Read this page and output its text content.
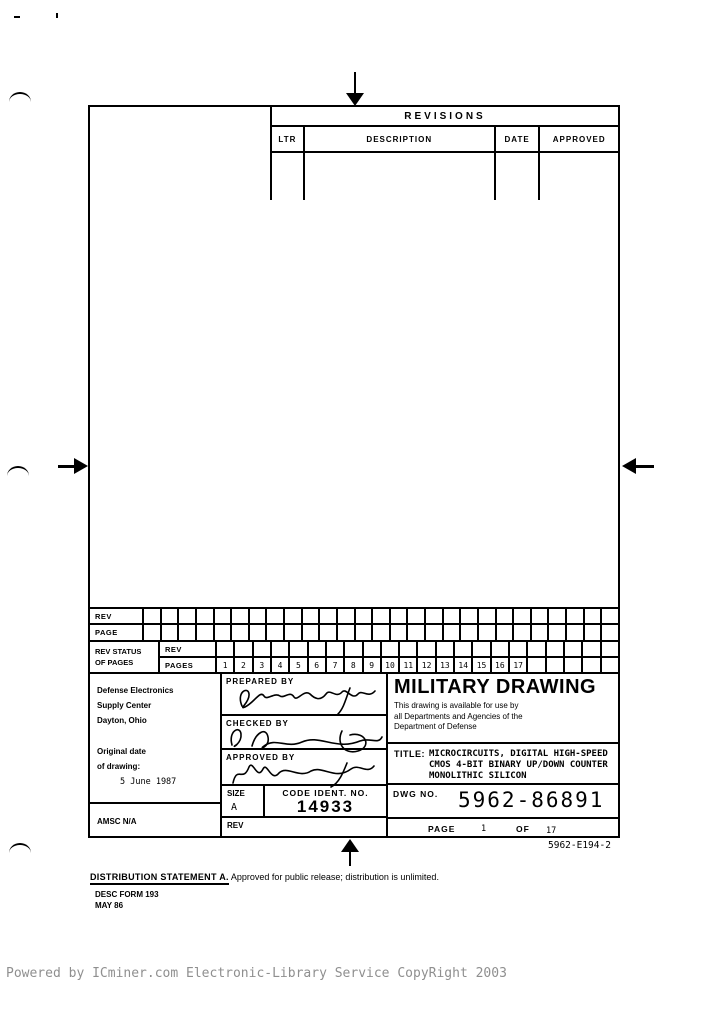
REVISIONS
LTR	DESCRIPTION	DATE	APPROVED
REV
PAGE
REV STATUS
OF PAGES
REV
PAGES	1	2	3	4	5	6	7	8	9	10	11	12	13	14	15	16	17
Defense Electronics
Supply Center
Dayton, Ohio
Original date
of drawing:
5 June 1987
AMSC N/A
PREPARED BY
CHECKED BY
APPROVED BY
SIZE
A
CODE IDENT. NO.
14933
REV
MILITARY DRAWING
This drawing is available for use by
all Departments and Agencies of the
Department of Defense
TITLE: MICROCIRCUITS, DIGITAL HIGH-SPEED
CMOS 4-BIT BINARY UP/DOWN COUNTER
MONOLITHIC SILICON
DWG NO. 5962-86891
PAGE	1	OF 17
5962-E194-2
DISTRIBUTION STATEMENT A. Approved for public release; distribution is unlimited.
DESC FORM 193
MAY 86
Powered by ICminer.com Electronic-Library Service CopyRight 2003
